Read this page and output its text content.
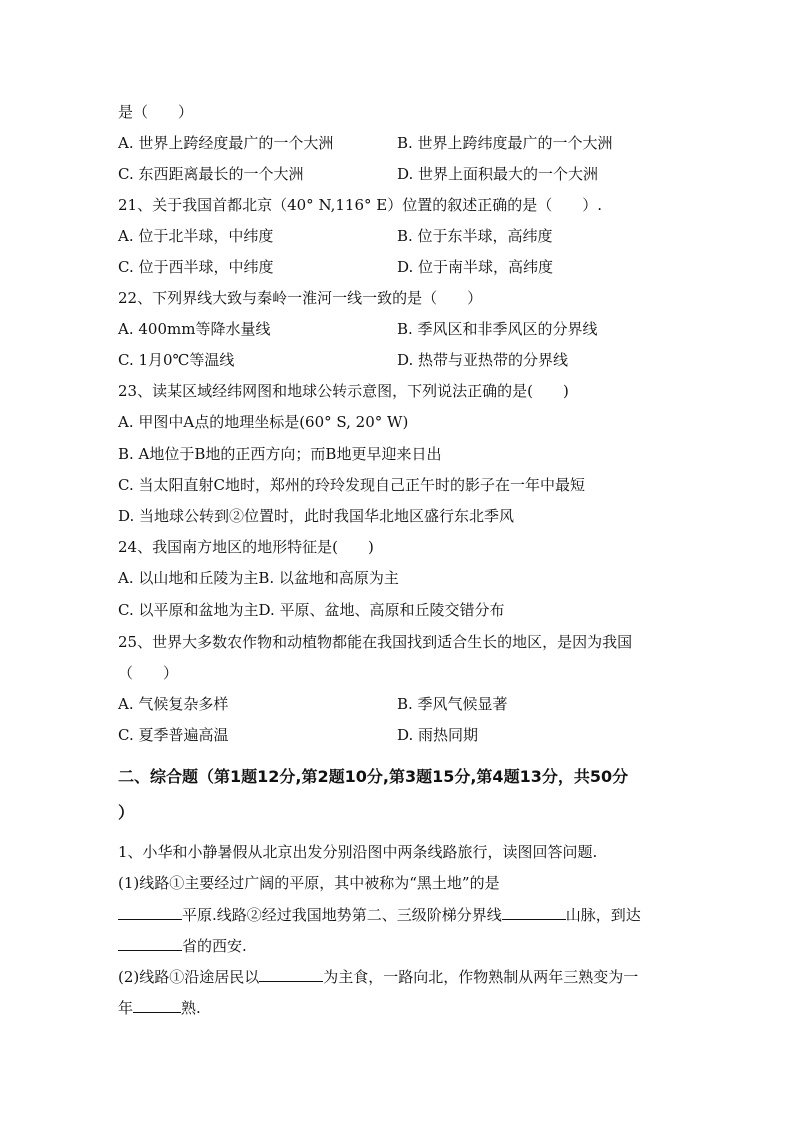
是（　　）
A. 世界上跨经度最广的一个大洲	B. 世界上跨纬度最广的一个大洲
C. 东西距离最长的一个大洲	D. 世界上面积最大的一个大洲
21、关于我国首都北京（40° N,116° E）位置的叙述正确的是（　　）.
A. 位于北半球，中纬度	B. 位于东半球，高纬度
C. 位于西半球，中纬度	D. 位于南半球，高纬度
22、下列界线大致与秦岭一淮河一线一致的是（　　）
A. 400mm等降水量线	B. 季风区和非季风区的分界线
C. 1月0℃等温线	D. 热带与亚热带的分界线
23、读某区域经纬网图和地球公转示意图，下列说法正确的是(　　)
A. 甲图中A点的地理坐标是(60° S, 20° W)
B. A地位于B地的正西方向；而B地更早迎来日出
C. 当太阳直射C地时，郑州的玲玲发现自己正午时的影子在一年中最短
D. 当地球公转到②位置时，此时我国华北地区盛行东北季风
24、我国南方地区的地形特征是(　　)
A. 以山地和丘陵为主B. 以盆地和高原为主
C. 以平原和盆地为主D. 平原、盆地、高原和丘陵交错分布
25、世界大多数农作物和动植物都能在我国找到适合生长的地区，是因为我国
（　　）
A. 气候复杂多样	B. 季风气候显著
C. 夏季普遍高温	D. 雨热同期
二、综合题（第1题12分,第2题10分,第3题15分,第4题13分，共50分
）
1、小华和小静暑假从北京出发分别沿图中两条线路旅行，读图回答问题.
(1)线路①主要经过广阔的平原，其中被称为“黑土地”的是
平原.线路②经过我国地势第二、三级阶梯分界线	山脉，到达
省的西安.
(2)线路①沿途居民以	为主食，一路向北，作物熟制从两年三熟变为一
年	熟.
